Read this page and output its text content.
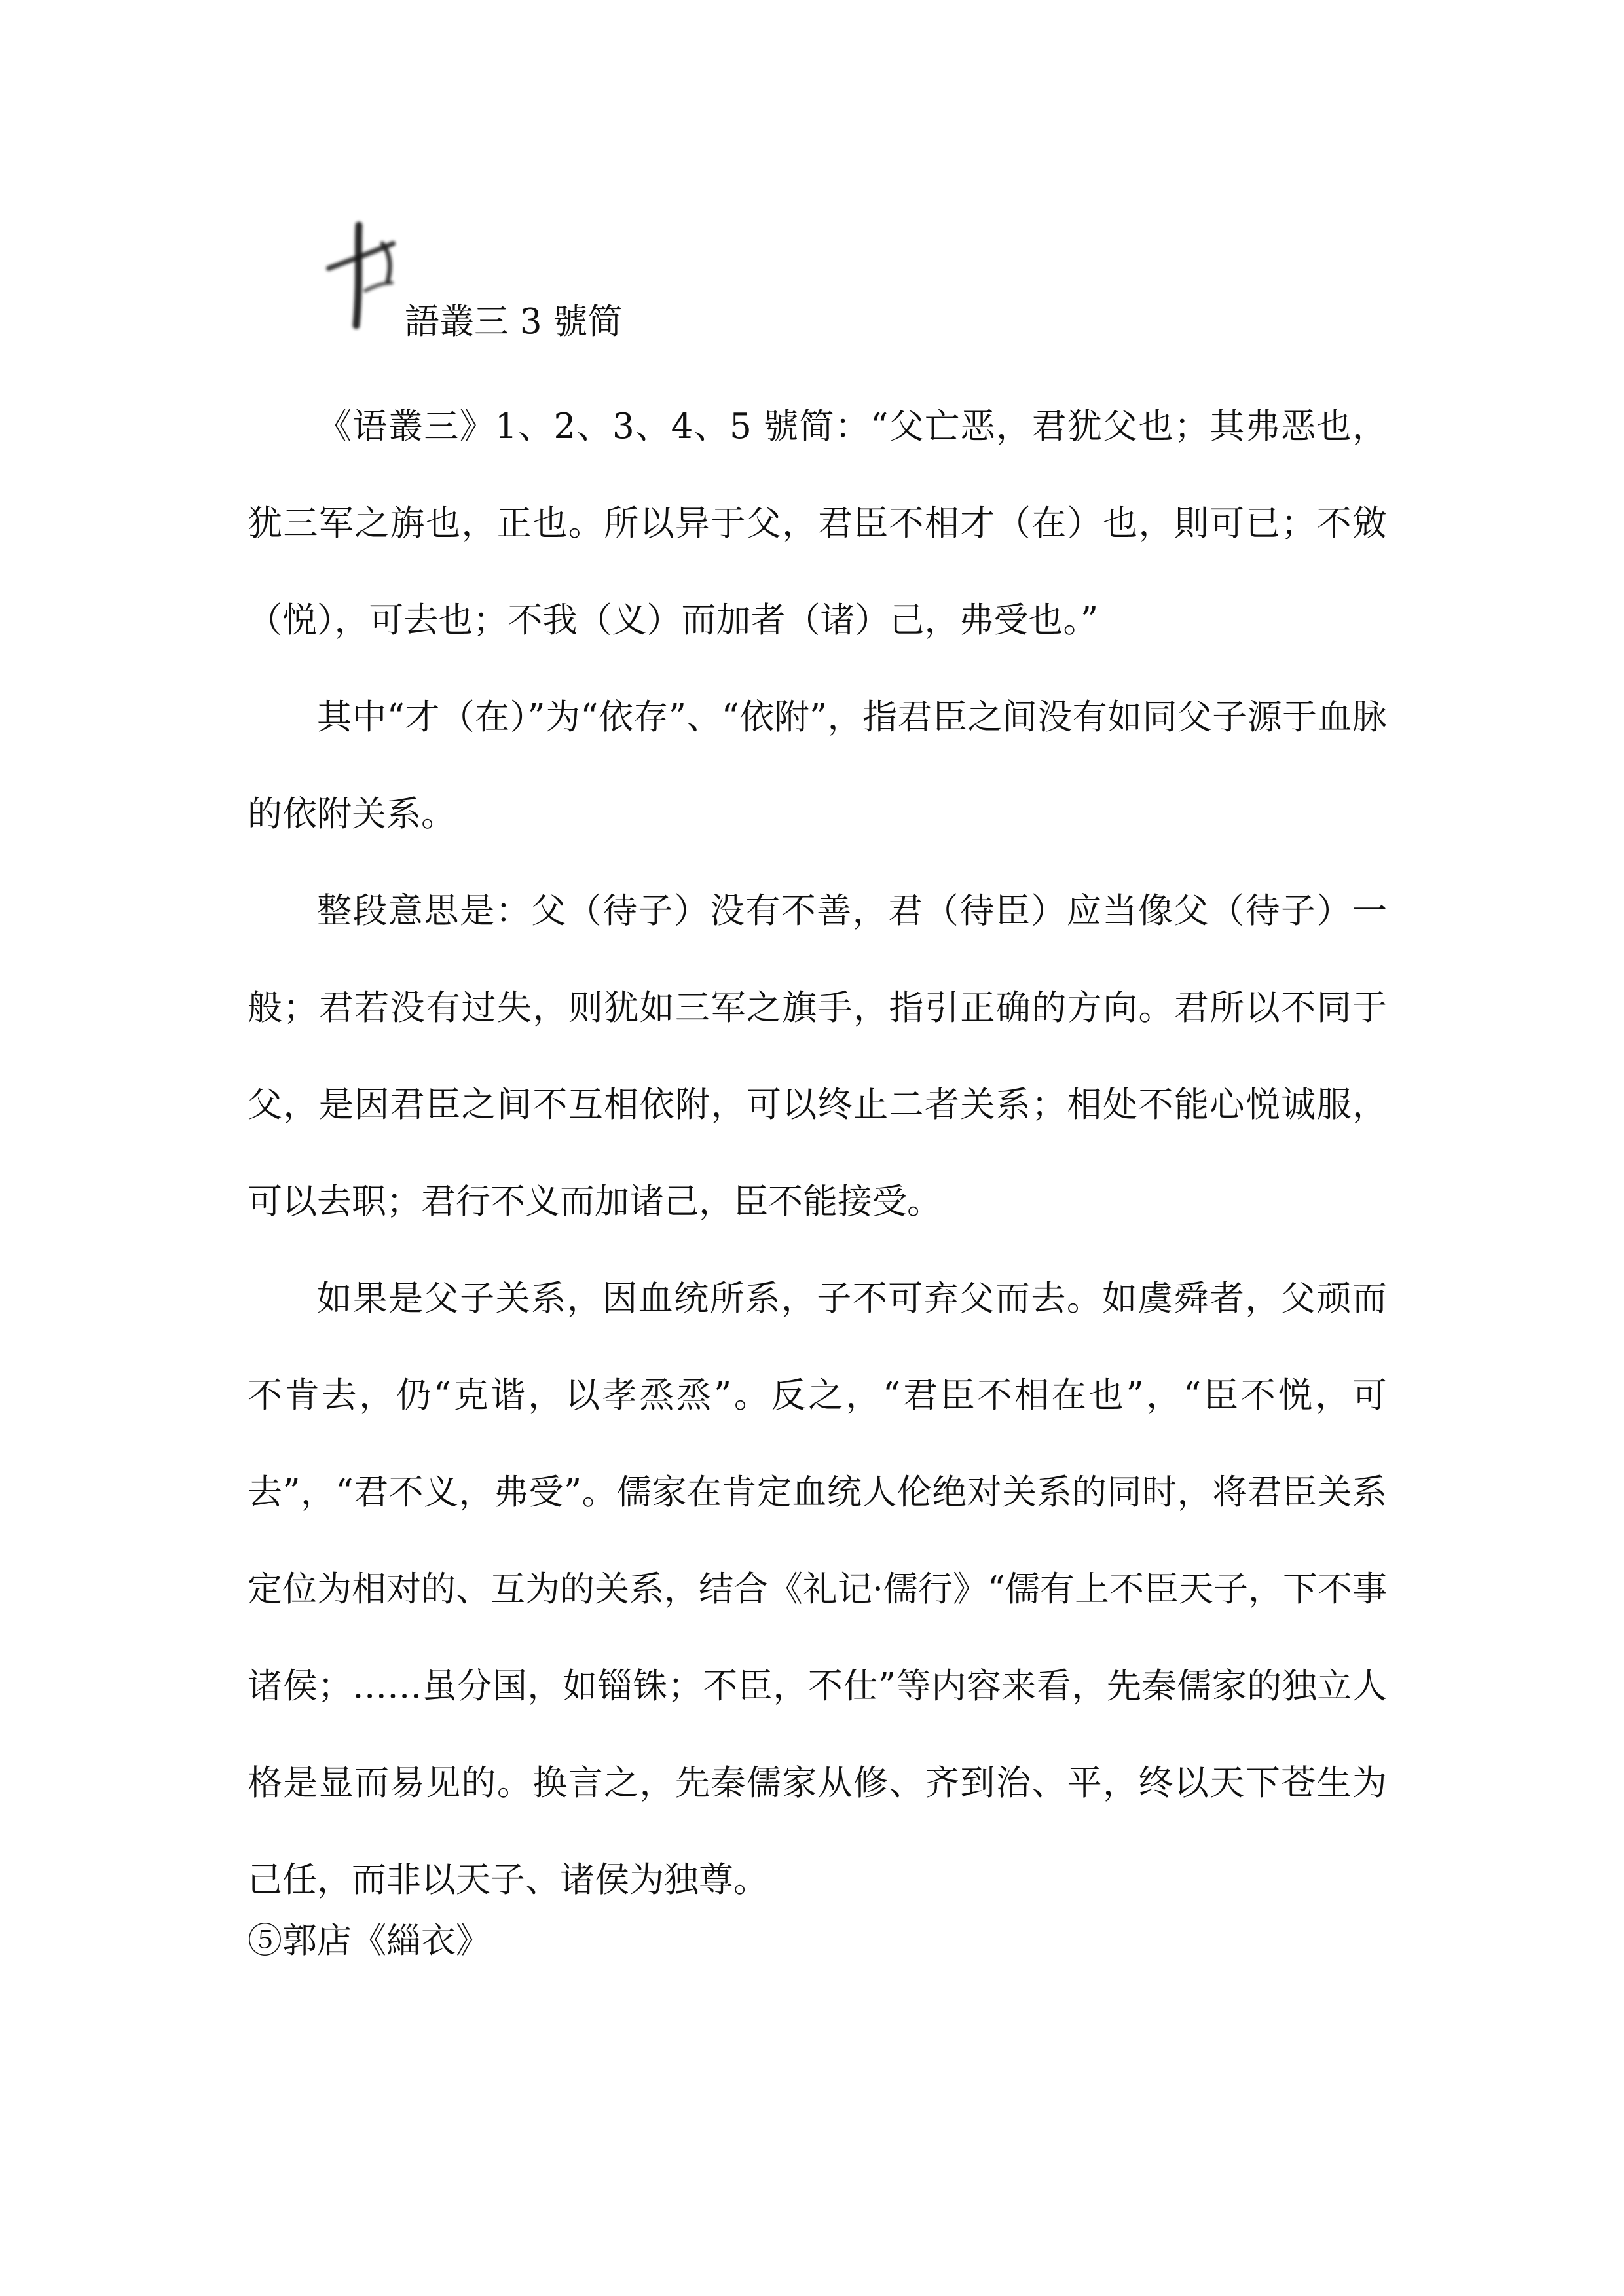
語叢三 3 號简

《语叢三》1、2、3、4、5 號简：“父亡恶，君犹父也；其弗恶也，犹三军之旃也，正也。所以异于父，君臣不相才（在）也，則可已；不敓（悦），可去也；不我（义）而加者（诸）己，弗受也。”

其中“才（在）”为“依存”、“依附”，指君臣之间没有如同父子源于血脉的依附关系。

整段意思是：父（待子）没有不善，君（待臣）应当像父（待子）一般；君若没有过失，则犹如三军之旗手，指引正确的方向。君所以不同于父，是因君臣之间不互相依附，可以终止二者关系；相处不能心悦诚服，可以去职；君行不义而加诸己，臣不能接受。

如果是父子关系，因血统所系，子不可弃父而去。如虞舜者，父顽而不肯去，仍“克谐，以孝烝烝”。反之，“君臣不相在也”，“臣不悦，可去”，“君不义，弗受”。儒家在肯定血统人伦绝对关系的同时，将君臣关系定位为相对的、互为的关系，结合《礼记·儒行》“儒有上不臣天子，下不事诸侯；……虽分国，如锱铢；不臣，不仕”等内容来看，先秦儒家的独立人格是显而易见的。换言之，先秦儒家从修、齐到治、平，终以天下苍生为己任，而非以天子、诸侯为独尊。

⑤郭店《緇衣》
